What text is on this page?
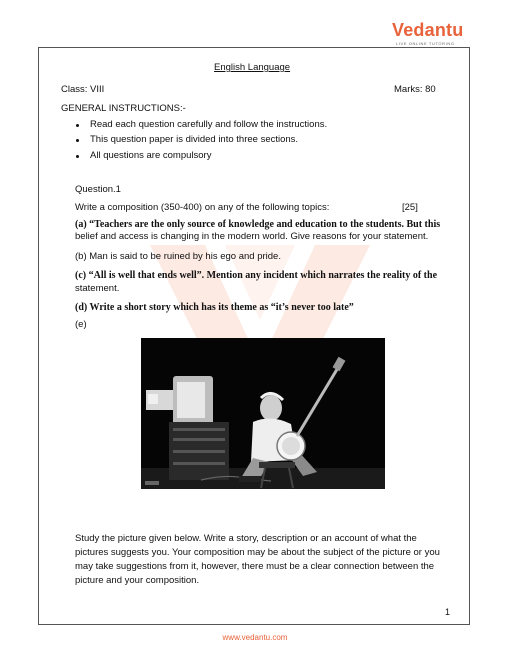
Vedantu
LIVE ONLINE TUTORING
English Language
Class: VIII	Marks: 80
GENERAL INSTRUCTIONS:-
Read each question carefully and follow the instructions.
This question paper is divided into three sections.
All questions are compulsory
Question.1
Write a composition (350-400) on any of the following topics:	[25]
(a) “Teachers are the only source of knowledge and education to the students. But this
belief and access is changing in the modern world. Give reasons for your statement.
(b) Man is said to be ruined by his ego and pride.
(c) “All is well that ends well”. Mention any incident which narrates the reality of the
statement.
(d) Write a short story which has its theme as “it’s never too late”
(e)
Study the picture given below. Write a story, description or an account of what the
pictures suggests you. Your composition may be about the subject of the picture or you
may take suggestions from it, however, there must be a clear connection between the
picture and your composition.
1
www.vedantu.com
